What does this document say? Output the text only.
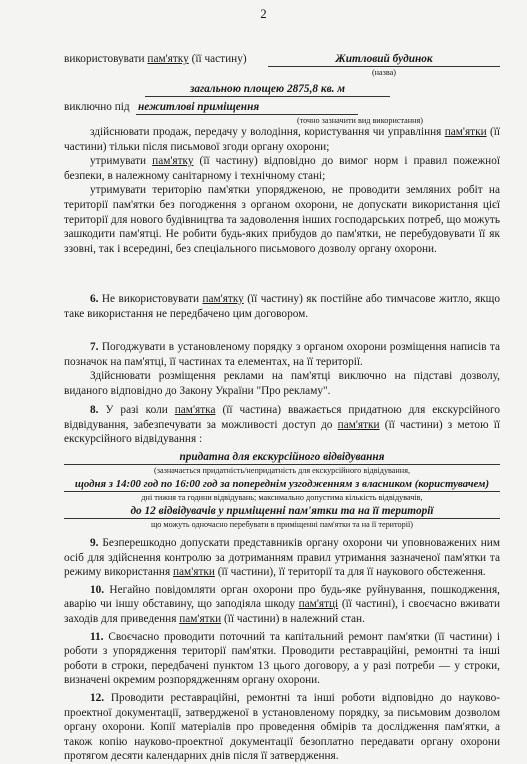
2
використовувати пам'ятку (її частину)	Житловий будинок
(назва)
загальною площею 2875,8 кв. м
виключно під нежитлові приміщення
(точно зазначити вид використання)

здійснювати продаж, передачу у володіння, користування чи управління пам'ятки (її частини) тільки після письмової згоди органу охорони;

утримувати пам'ятку (її частину) відповідно до вимог норм і правил пожежної безпеки, в належному санітарному і технічному стані;

утримувати територію пам'ятки упорядженою, не проводити земляних робіт на території пам'ятки без погодження з органом охорони, не допускати використання цієї території для нового будівництва та задоволення інших господарських потреб, що можуть зашкодити пам'ятці. Не робити будь-яких прибудов до пам'ятки, не перебудовувати її як ззовні, так і всередині, без спеціального письмового дозволу органу охорони.

6. Не використовувати пам'ятку (її частину) як постійне або тимчасове житло, якщо таке використання не передбачено цим договором.

7. Погоджувати в установленому порядку з органом охорони розміщення написів та позначок на пам'ятці, її частинах та елементах, на її території.

Здійснювати розміщення реклами на пам'ятці виключно на підставі дозволу, виданого відповідно до Закону України "Про рекламу".

8. У разі коли пам'ятка (її частина) вважається придатною для екскурсійного відвідування, забезпечувати за можливості доступ до пам'ятки (її частини) з метою її екскурсійного відвідування :

придатна для екскурсійного відвідування
(зазначається придатність/непридатність для екскурсійного відвідування,
щодня з 14:00 год по 16:00 год за попереднім узгодженням з власником (користувачем)
дні тижня та години відвідувань; максимально допустима кількість відвідувачів,
до 12 відвідувачів у приміщенні пам'ятки та на її території
що можуть одночасно перебувати в приміщенні пам'ятки та на її території)

9. Безперешкодно допускати представників органу охорони чи уповноважених ним осіб для здійснення контролю за дотриманням правил утримання зазначеної пам'ятки та режиму використання пам'ятки (її частини), її території та для її наукового обстеження.

10. Негайно повідомляти орган охорони про будь-яке руйнування, пошкодження, аварію чи іншу обставину, що заподіяла шкоду пам'ятці (її частині), і своєчасно вживати заходів для приведення пам'ятки (її частини) в належний стан.

11. Своєчасно проводити поточний та капітальний ремонт пам'ятки (її частини) і роботи з упорядження території пам'ятки. Проводити реставраційні, ремонтні та інші роботи в строки, передбачені пунктом 13 цього договору, а у разі потреби — у строки, визначені окремим розпорядженням органу охорони.

12. Проводити реставраційні, ремонтні та інші роботи відповідно до науково-проектної документації, затвердженої в установленому порядку, за письмовим дозволом органу охорони. Копії матеріалів про проведення обмірів та дослідження пам'ятки, а також копію науково-проектної документації безоплатно передавати органу охорони протягом десяти календарних днів після її затвердження.
